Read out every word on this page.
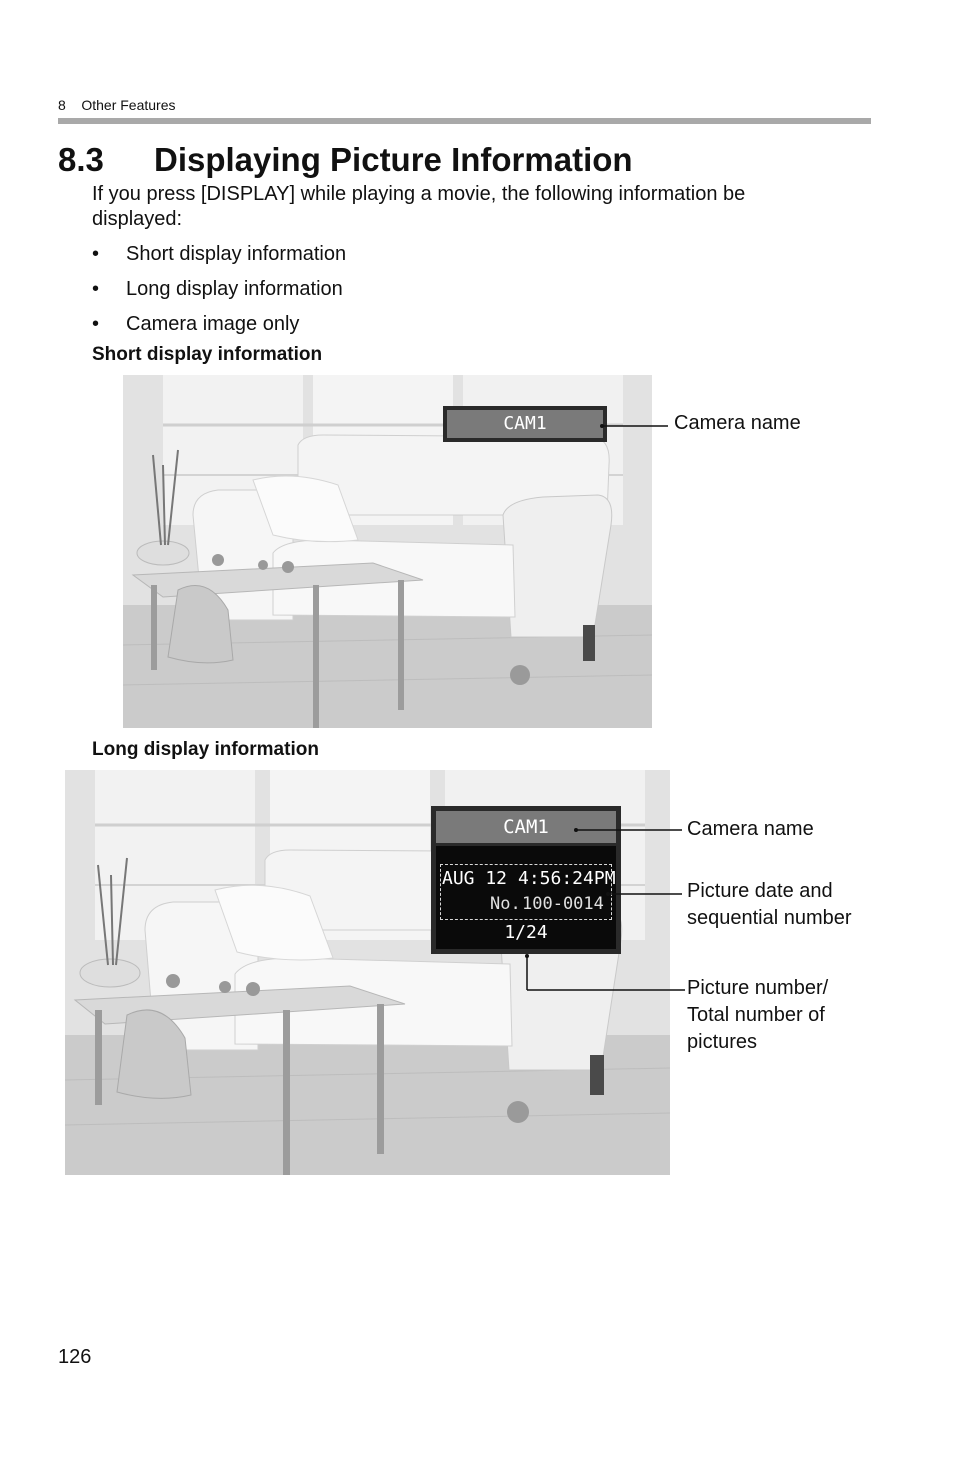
8    Other Features
8.3 Displaying Picture Information
If you press [DISPLAY] while playing a movie, the following information be displayed:
• Short display information
• Long display information
• Camera image only
Short display information
CAM1	Camera name
Long display information
CAM1
AUG 12 4:56:24PM
No. 100-0014
1/24
Camera name
Picture date and
sequential number
Picture number/
Total number of
pictures
126
